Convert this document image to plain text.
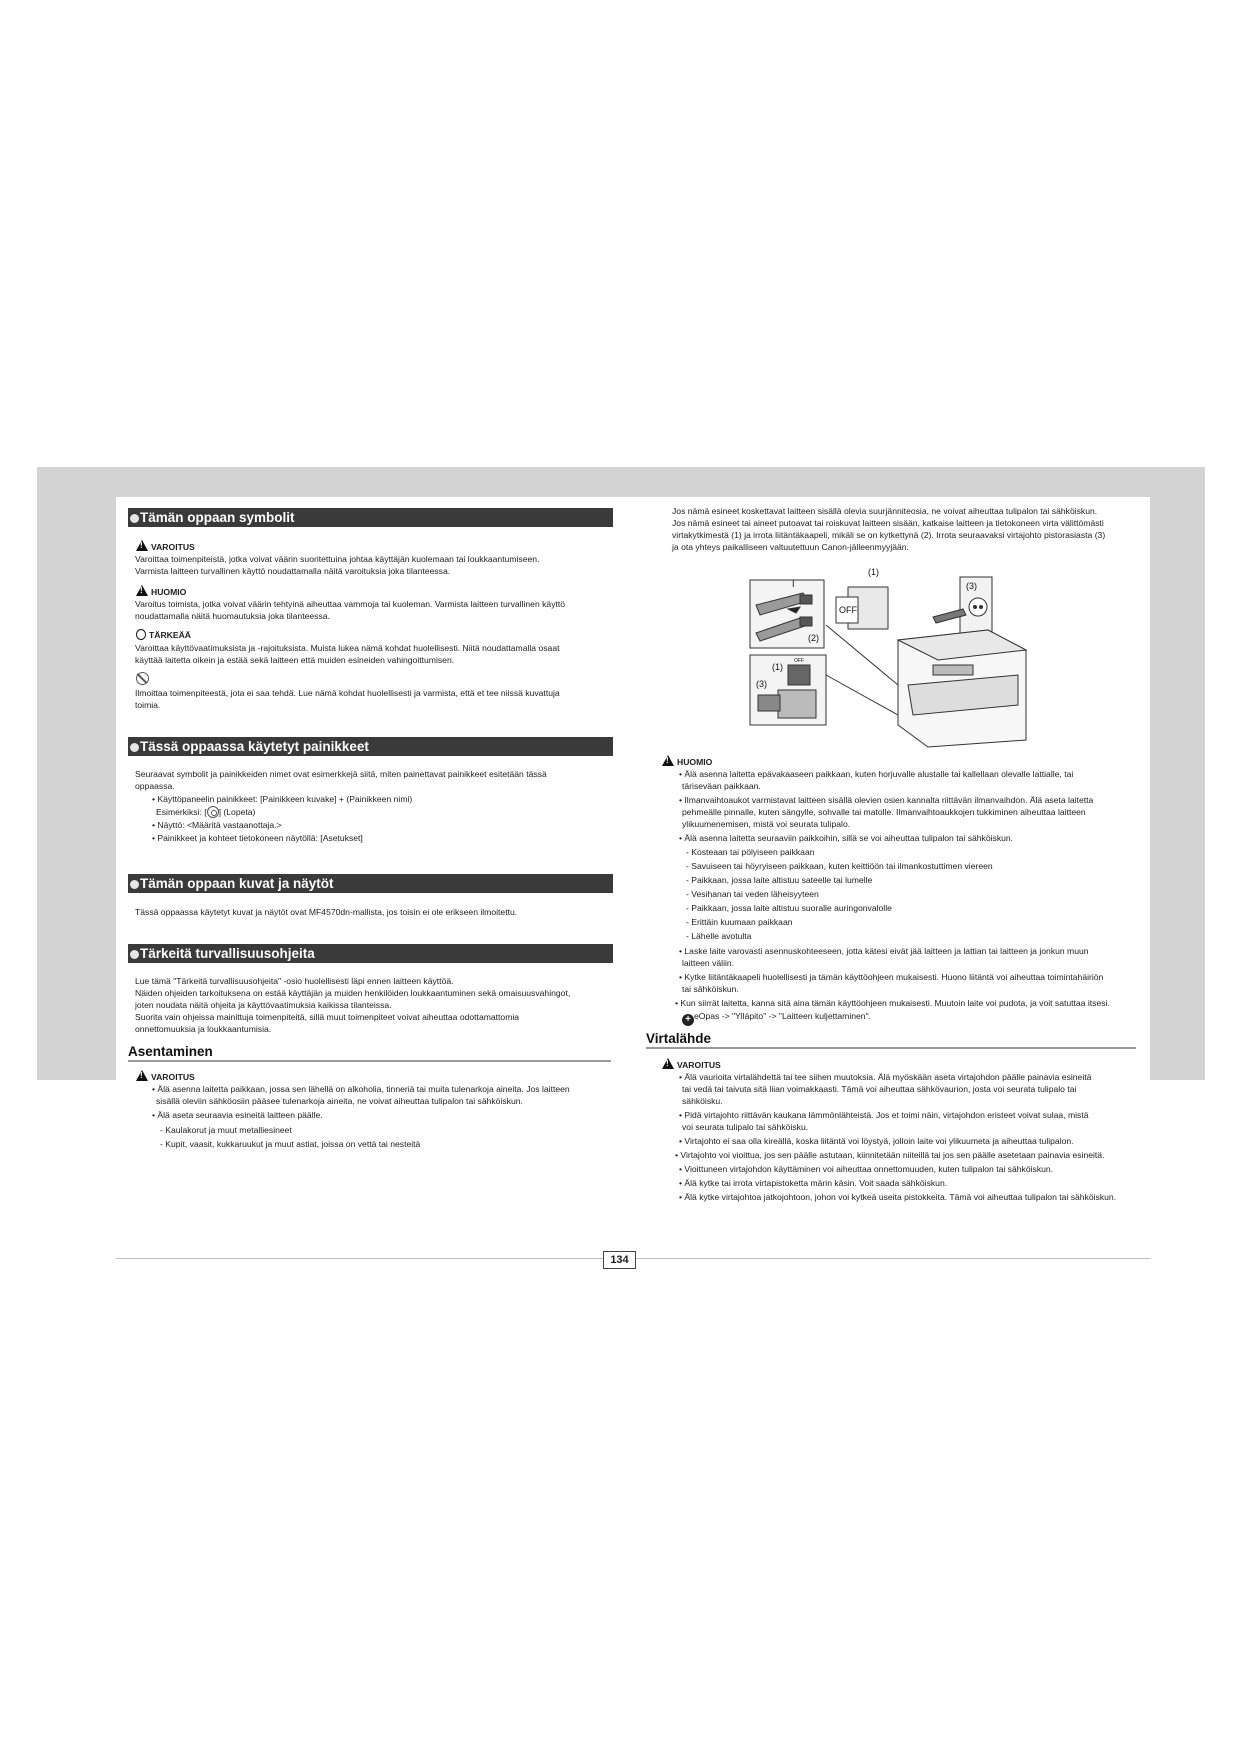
Tämän oppaan symbolit
!VAROITUS
Varoittaa toimenpiteistä, jotka voivat väärin suoritettuina johtaa käyttäjän kuolemaan tai loukkaantumiseen.
Varmista laitteen turvallinen käyttö noudattamalla näitä varoituksia joka tilanteessa.
!HUOMIO
Varoitus toimista, jotka voivat väärin tehtyinä aiheuttaa vammoja tai kuoleman. Varmista laitteen turvallinen käyttö
noudattamalla näitä huomautuksia joka tilanteessa.
TÄRKEÄÄ
Varoittaa käyttövaatimuksista ja -rajoituksista. Muista lukea nämä kohdat huolellisesti. Niitä noudattamalla osaat
käyttää laitetta oikein ja estää sekä laitteen että muiden esineiden vahingoittumisen.
Ilmoittaa toimenpiteestä, jota ei saa tehdä. Lue nämä kohdat huolellisesti ja varmista, että et tee niissä kuvattuja
toimia.
Tässä oppaassa käytetyt painikkeet
Seuraavat symbolit ja painikkeiden nimet ovat esimerkkejä siitä, miten painettavat painikkeet esitetään tässä
oppaassa.
• Käyttöpaneelin painikkeet: [Painikkeen kuvake] + (Painikkeen nimi)
Esimerkiksi: [ ] (Lopeta)
• Näyttö: <Määritä vastaanottaja.>
• Painikkeet ja kohteet tietokoneen näytöllä: [Asetukset]
Tämän oppaan kuvat ja näytöt
Tässä oppaassa käytetyt kuvat ja näytöt ovat MF4570dn-mallista, jos toisin ei ole erikseen ilmoitettu.
Tärkeitä turvallisuusohjeita
Lue tämä "Tärkeitä turvallisuusohjeita" -osio huolellisesti läpi ennen laitteen käyttöä.
Näiden ohjeiden tarkoituksena on estää käyttäjän ja muiden henkilöiden loukkaantuminen sekä omaisuusvahingot,
joten noudata näitä ohjeita ja käyttövaatimuksia kaikissa tilanteissa.
Suorita vain ohjeissa mainittuja toimenpiteitä, sillä muut toimenpiteet voivat aiheuttaa odottamattomia
onnettomuuksia ja loukkaantumisia.
Asentaminen
!VAROITUS
• Älä asenna laitetta paikkaan, jossa sen lähellä on alkoholia, tinneriä tai muita tulenarkoja aineita. Jos laitteen
sisällä oleviin sähköosiin pääsee tulenarkoja aineita, ne voivat aiheuttaa tulipalon tai sähköiskun.
• Älä aseta seuraavia esineitä laitteen päälle.
- Kaulakorut ja muut metalliesineet
- Kupit, vaasit, kukkaruukut ja muut astiat, joissa on vettä tai nesteitä
Jos nämä esineet koskettavat laitteen sisällä olevia suurjänniteosia, ne voivat aiheuttaa tulipalon tai sähköiskun.
Jos nämä esineet tai aineet putoavat tai roiskuvat laitteen sisään, katkaise laitteen ja tietokoneen virta välittömästi
virtakytkimestä (1) ja irrota liitäntäkaapeli, mikäli se on kytkettynä (2). Irrota seuraavaksi virtajohto pistorasiasta (3)
ja ota yhteys paikalliseen valtuutettuun Canon-jälleenmyyjään.
(1)
(3)
(2)
I
OFF
OFF
(1)
(3)
!HUOMIO
• Älä asenna laitetta epävakaaseen paikkaan, kuten horjuvalle alustalle tai kallellaan olevalle lattialle, tai
täriseväan paikkaan.
• Ilmanvaihtoaukot varmistavat laitteen sisällä olevien osien kannalta riittävän ilmanvaihdon. Älä aseta laitetta
pehmeälle pinnalle, kuten sängylle, sohvalle tai matolle. Ilmanvaihtoaukkojen tukkiminen aiheuttaa laitteen
ylikuumenemisen, mistä voi seurata tulipalo.
• Älä asenna laitetta seuraaviin paikkoihin, sillä se voi aiheuttaa tulipalon tai sähköiskun.
- Kosteaan tai pölyiseen paikkaan
- Savuiseen tai höyryiseen paikkaan, kuten keittiöön tai ilmankostuttimen viereen
- Paikkaan, jossa laite altistuu sateelle tai lumelle
- Vesihanan tai veden läheisyyteen
- Paikkaan, jossa laite altistuu suoralle auringonvalolle
- Erittäin kuumaan paikkaan
- Lähelle avotulta
• Laske laite varovasti asennuskohteeseen, jotta kätesi eivät jää laitteen ja lattian tai laitteen ja jonkun muun
laitteen väliin.
• Kytke liitäntäkaapeli huolellisesti ja tämän käyttöohjeen mukaisesti. Huono liitäntä voi aiheuttaa toimintahäiriön
tai sähköiskun.
• Kun siirrät laitetta, kanna sitä aina tämän käyttöohjeen mukaisesti. Muutoin laite voi pudota, ja voit satuttaa itsesi.
+ eOpas -> "Ylläpito" -> "Laitteen kuljettaminen".
Virtalähde
!VAROITUS
• Älä vaurioita virtalähdettä tai tee siihen muutoksia. Älä myöskään aseta virtajohdon päälle painavia esineitä
tai vedä tai taivuta sitä liian voimakkaasti. Tämä voi aiheuttaa sähkövaurion, josta voi seurata tulipalo tai
sähköisku.
• Pidä virtajohto riittävän kaukana lämmönlähteistä. Jos et toimi näin, virtajohdon eristeet voivat sulaa, mistä
voi seurata tulipalo tai sähköisku.
• Virtajohto ei saa olla kireällä, koska liitäntä voi löystyä, jolloin laite voi ylikuumeta ja aiheuttaa tulipalon.
• Virtajohto voi vioittua, jos sen päälle astutaan, kiinnitetään niiteillä tai jos sen päälle asetetaan painavia esineitä.
• Vioittuneen virtajohdon käyttäminen voi aiheuttaa onnettomuuden, kuten tulipalon tai sähköiskun.
• Älä kytke tai irrota virtapistoketta märin käsin. Voit saada sähköiskun.
• Älä kytke virtajohtoa jatkojohtoon, johon voi kytkeä useita pistokkeita. Tämä voi aiheuttaa tulipalon tai sähköiskun.
134
